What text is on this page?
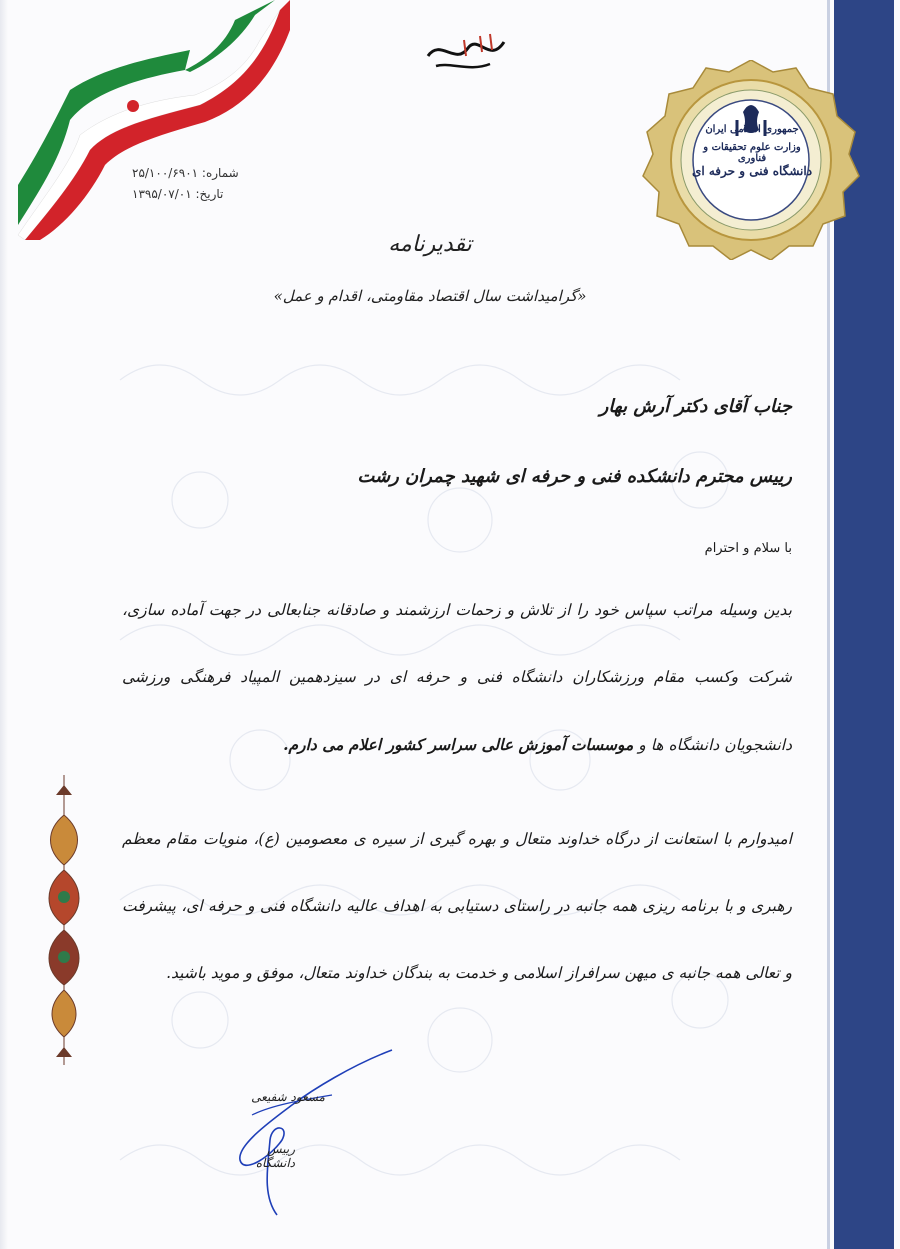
جمهوری اسلامی ایران
وزارت علوم تحقیقات و فناوری
دانشگاه فنی و حرفه ای
شماره: ۲۵/۱۰۰/۶۹۰۱
تاریخ: ۱۳۹۵/۰۷/۰۱
تقدیرنامه
«گرامیداشت سال اقتصاد مقاومتی، اقدام و عمل»
جناب آقای دکتر آرش بهار
رییس محترم دانشکده فنی و حرفه ای شهید چمران رشت
با سلام و احترام
بدین وسیله مراتب سپاس خود را از تلاش و زحمات ارزشمند و صادقانه جنابعالی در جهت آماده سازی، شرکت وکسب مقام ورزشکاران دانشگاه فنی و حرفه ای در سیزدهمین المپیاد فرهنگی ورزشی دانشجویان دانشگاه ها و موسسات آموزش عالی سراسر کشور اعلام می دارم.
امیدوارم با استعانت از درگاه خداوند متعال و بهره گیری از سیره ی معصومین (ع)، منویات مقام معظم رهبری و با برنامه ریزی همه جانبه در راستای دستیابی به اهداف عالیه دانشگاه فنی و حرفه ای، پیشرفت و تعالی همه جانبه ی میهن سرافراز اسلامی و خدمت به بندگان خداوند متعال، موفق و موید باشید.
مسعود شفیعی
رییس دانشگاه
